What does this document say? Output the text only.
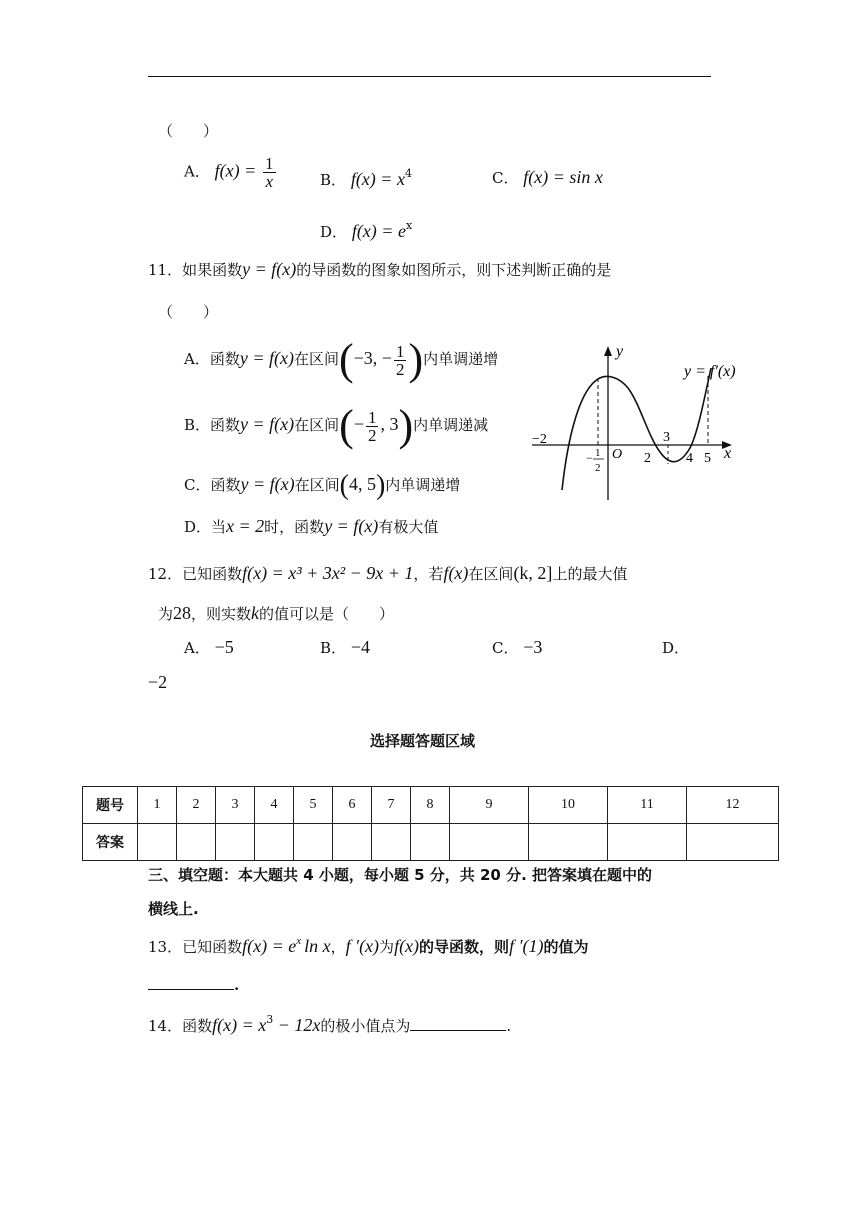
（　　）
A． $f(x) = \frac{1}{x}$	B． $f(x) = x^4$	C． f(x) = sin x
D． $f(x) = e^x$
11．如果函数y = f(x)的导函数的图象如图所示，则下述判断正确的是
（　　）
A．函数y = f(x)在区间(−3, − $\frac{1}{2}$ )内单调递增
B．函数y = f(x)在区间(− $\frac{1}{2}$ , 3)内单调递减
C．函数y = f(x)在区间(4, 5)内单调递增
D．当x = 2时，函数y = f(x)有极大值
y
x
O
y = f′(x)
−2
− 1
2
2
3
4 5
12．已知函数f(x) = x³ + 3x² − 9x + 1，若f(x)在区间(k, 2]上的最大值
为28，则实数k的值可以是（　　）
A． −5	B． −4	C． −3	D．
−2
选择题答题区域
题号	1	2	3	4	5	6	7	8	9	10	11	12
答案												
三、填空题：本大题共 4 小题，每小题 5 分，共 20 分. 把答案填在题中的
横线上.
13．已知函数$f(x) = e^x$ ln x，f ′(x)为f(x)的导函数，则f ′(1)的值为
.
14．函数$f(x) = x^3 - 12x$的极小值点为	.
